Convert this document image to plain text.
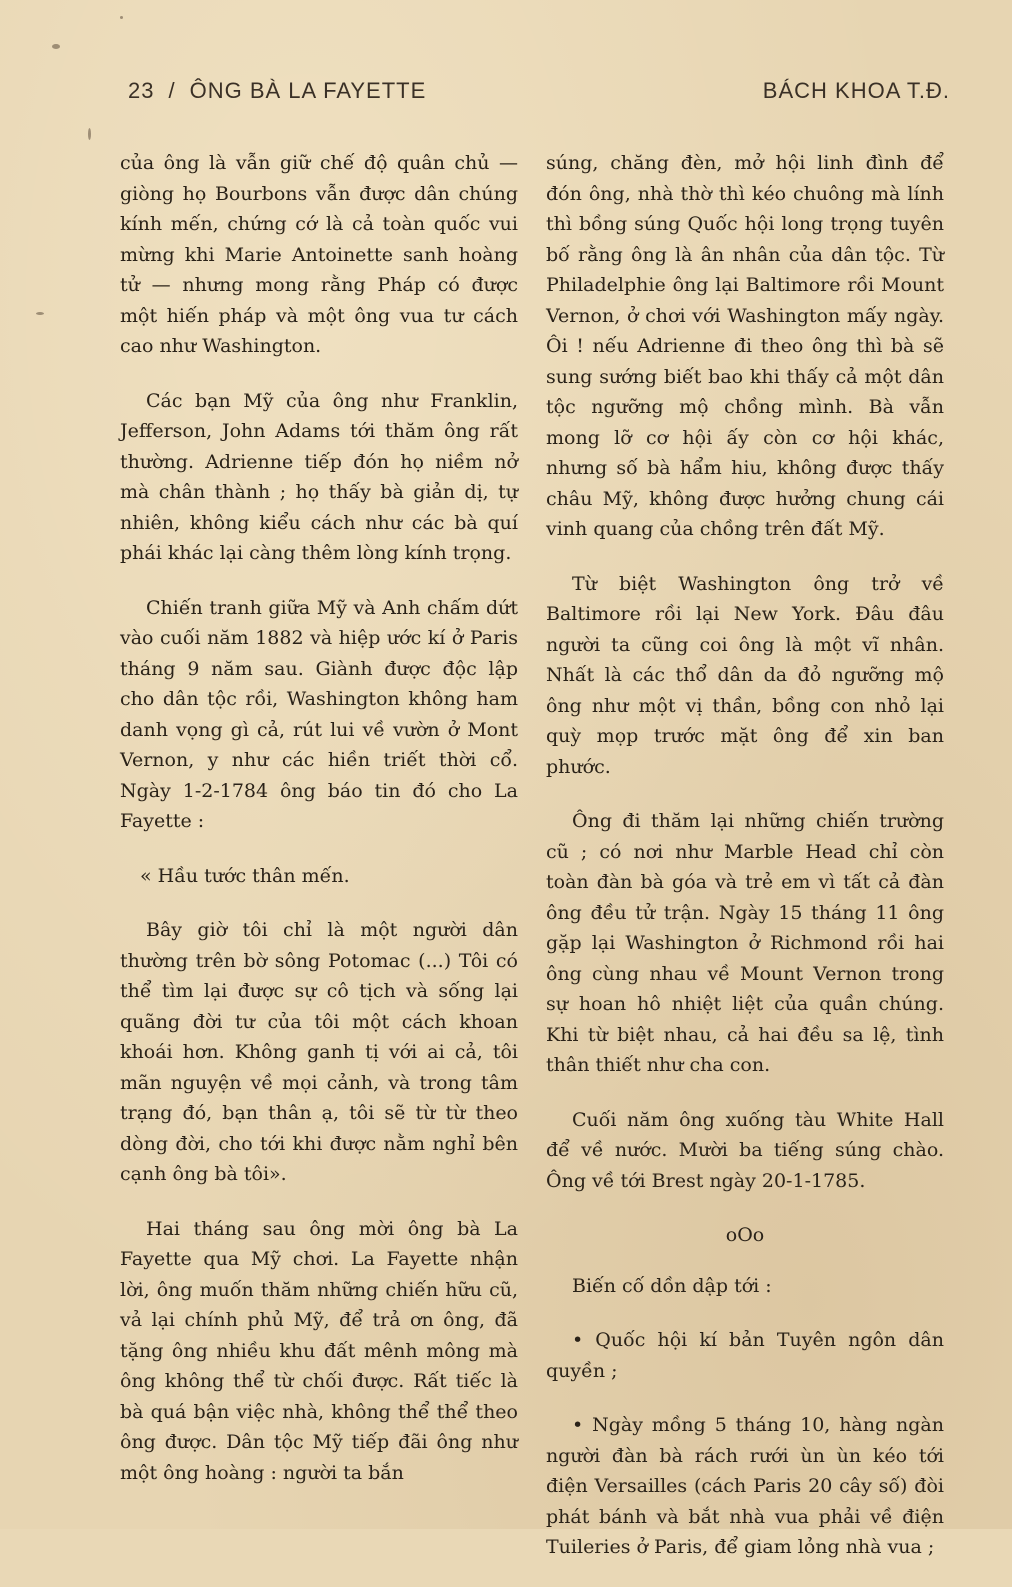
23 / ÔNG BÀ LA FAYETTE	BÁCH KHOA T.Đ.

của ông là vẫn giữ chế độ quân chủ — giòng họ Bourbons vẫn được dân chúng kính mến, chứng cớ là cả toàn quốc vui mừng khi Marie Antoinette sanh hoàng tử — nhưng mong rằng Pháp có được một hiến pháp và một ông vua tư cách cao như Washington.

Các bạn Mỹ của ông như Franklin, Jefferson, John Adams tới thăm ông rất thường. Adrienne tiếp đón họ niềm nở mà chân thành ; họ thấy bà giản dị, tự nhiên, không kiểu cách như các bà quí phái khác lại càng thêm lòng kính trọng.

Chiến tranh giữa Mỹ và Anh chấm dứt vào cuối năm 1882 và hiệp ước kí ở Paris tháng 9 năm sau. Giành được độc lập cho dân tộc rồi, Washington không ham danh vọng gì cả, rút lui về vườn ở Mont Vernon, y như các hiền triết thời cổ. Ngày 1-2-1784 ông báo tin đó cho La Fayette :

« Hầu tước thân mến.

Bây giờ tôi chỉ là một người dân thường trên bờ sông Potomac (...) Tôi có thể tìm lại được sự cô tịch và sống lại quãng đời tư của tôi một cách khoan khoái hơn. Không ganh tị với ai cả, tôi mãn nguyện về mọi cảnh, và trong tâm trạng đó, bạn thân ạ, tôi sẽ từ từ theo dòng đời, cho tới khi được nằm nghỉ bên cạnh ông bà tôi».

Hai tháng sau ông mời ông bà La Fayette qua Mỹ chơi. La Fayette nhận lời, ông muốn thăm những chiến hữu cũ, vả lại chính phủ Mỹ, để trả ơn ông, đã tặng ông nhiều khu đất mênh mông mà ông không thể từ chối được. Rất tiếc là bà quá bận việc nhà, không thể thể theo ông được. Dân tộc Mỹ tiếp đãi ông như một ông hoàng : người ta bắn

súng, chăng đèn, mở hội linh đình để đón ông, nhà thờ thì kéo chuông mà lính thì bồng súng Quốc hội long trọng tuyên bố rằng ông là ân nhân của dân tộc. Từ Philadelphie ông lại Baltimore rồi Mount Vernon, ở chơi với Washington mấy ngày. Ôi ! nếu Adrienne đi theo ông thì bà sẽ sung sướng biết bao khi thấy cả một dân tộc ngưỡng mộ chồng mình. Bà vẫn mong lỡ cơ hội ấy còn cơ hội khác, nhưng số bà hẩm hiu, không được thấy châu Mỹ, không được hưởng chung cái vinh quang của chồng trên đất Mỹ.

Từ biệt Washington ông trở về Baltimore rồi lại New York. Đâu đâu người ta cũng coi ông là một vĩ nhân. Nhất là các thổ dân da đỏ ngưỡng mộ ông như một vị thần, bồng con nhỏ lại quỳ mọp trước mặt ông để xin ban phước.

Ông đi thăm lại những chiến trường cũ ; có nơi như Marble Head chỉ còn toàn đàn bà góa và trẻ em vì tất cả đàn ông đều tử trận. Ngày 15 tháng 11 ông gặp lại Washington ở Richmond rồi hai ông cùng nhau về Mount Vernon trong sự hoan hô nhiệt liệt của quần chúng. Khi từ biệt nhau, cả hai đều sa lệ, tình thân thiết như cha con.

Cuối năm ông xuống tàu White Hall để về nước. Mười ba tiếng súng chào. Ông về tới Brest ngày 20-1-1785.

oOo

Biến cố dồn dập tới :

• Quốc hội kí bản Tuyên ngôn dân quyền ;

• Ngày mồng 5 tháng 10, hàng ngàn người đàn bà rách rưới ùn ùn kéo tới điện Versailles (cách Paris 20 cây số) đòi phát bánh và bắt nhà vua phải về điện Tuileries ở Paris, để giam lỏng nhà vua ;
